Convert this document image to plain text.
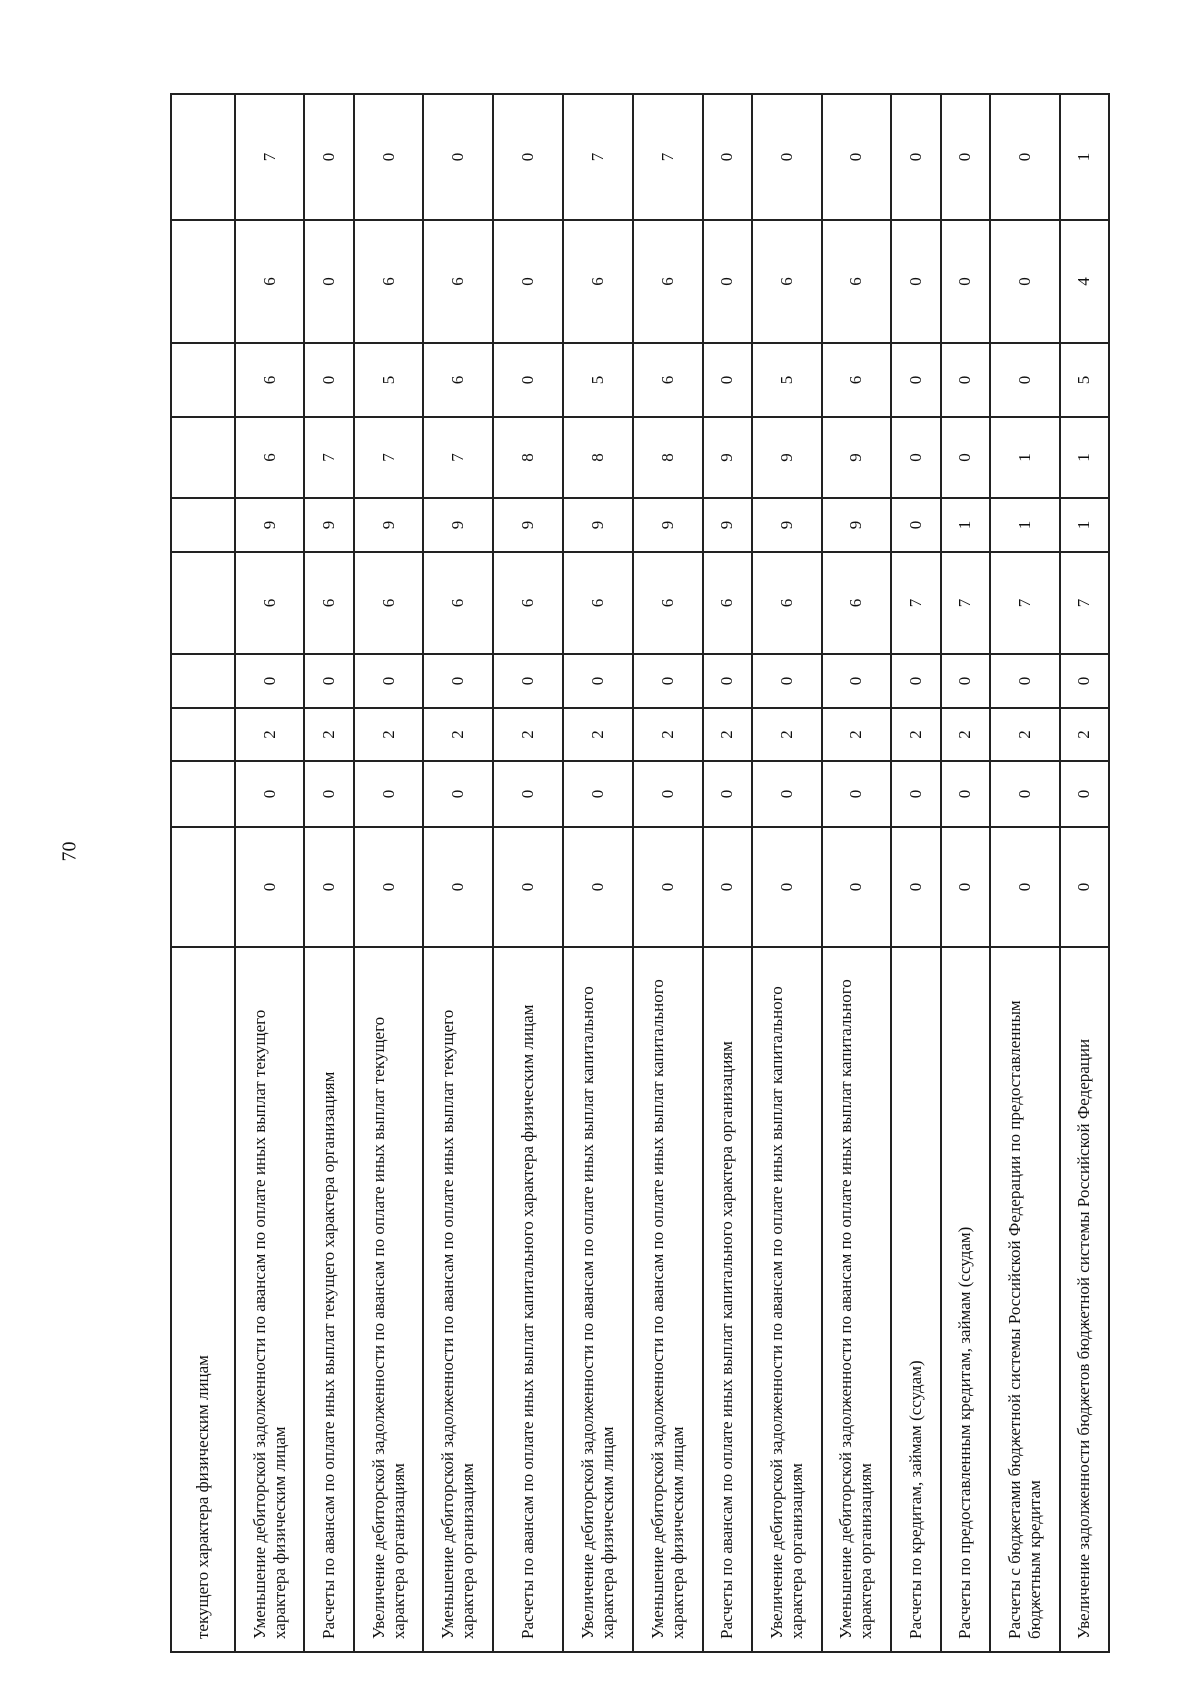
70
текущего характера физическим лицам										
Уменьшение дебиторской задолженности по авансам по оплате иных выплат текущего характера физическим лицам	0	0	2	0	6	9	6	6	6	7
Расчеты по авансам по оплате иных выплат текущего характера организациям	0	0	2	0	6	9	7	0	0	0
Увеличение дебиторской задолженности по авансам по оплате иных выплат текущего характера организациям	0	0	2	0	6	9	7	5	6	0
Уменьшение дебиторской задолженности по авансам по оплате иных выплат текущего характера организациям	0	0	2	0	6	9	7	6	6	0
Расчеты по авансам по оплате иных выплат капитального характера физическим лицам	0	0	2	0	6	9	8	0	0	0
Увеличение дебиторской задолженности по авансам по оплате иных выплат капитального характера физическим лицам	0	0	2	0	6	9	8	5	6	7
Уменьшение дебиторской задолженности по авансам по оплате иных выплат капитального характера физическим лицам	0	0	2	0	6	9	8	6	6	7
Расчеты по авансам по оплате иных выплат капитального характера организациям	0	0	2	0	6	9	9	0	0	0
Увеличение дебиторской задолженности по авансам по оплате иных выплат капитального характера организациям	0	0	2	0	6	9	9	5	6	0
Уменьшение дебиторской задолженности по авансам по оплате иных выплат капитального характера организациям	0	0	2	0	6	9	9	6	6	0
Расчеты по кредитам, займам (ссудам)	0	0	2	0	7	0	0	0	0	0
Расчеты по предоставленным кредитам, займам (ссудам)	0	0	2	0	7	1	0	0	0	0
Расчеты с бюджетами бюджетной системы Российской Федерации по предоставленным бюджетным кредитам	0	0	2	0	7	1	1	0	0	0
Увеличение задолженности бюджетов бюджетной системы Российской Федерации	0	0	2	0	7	1	1	5	4	1
